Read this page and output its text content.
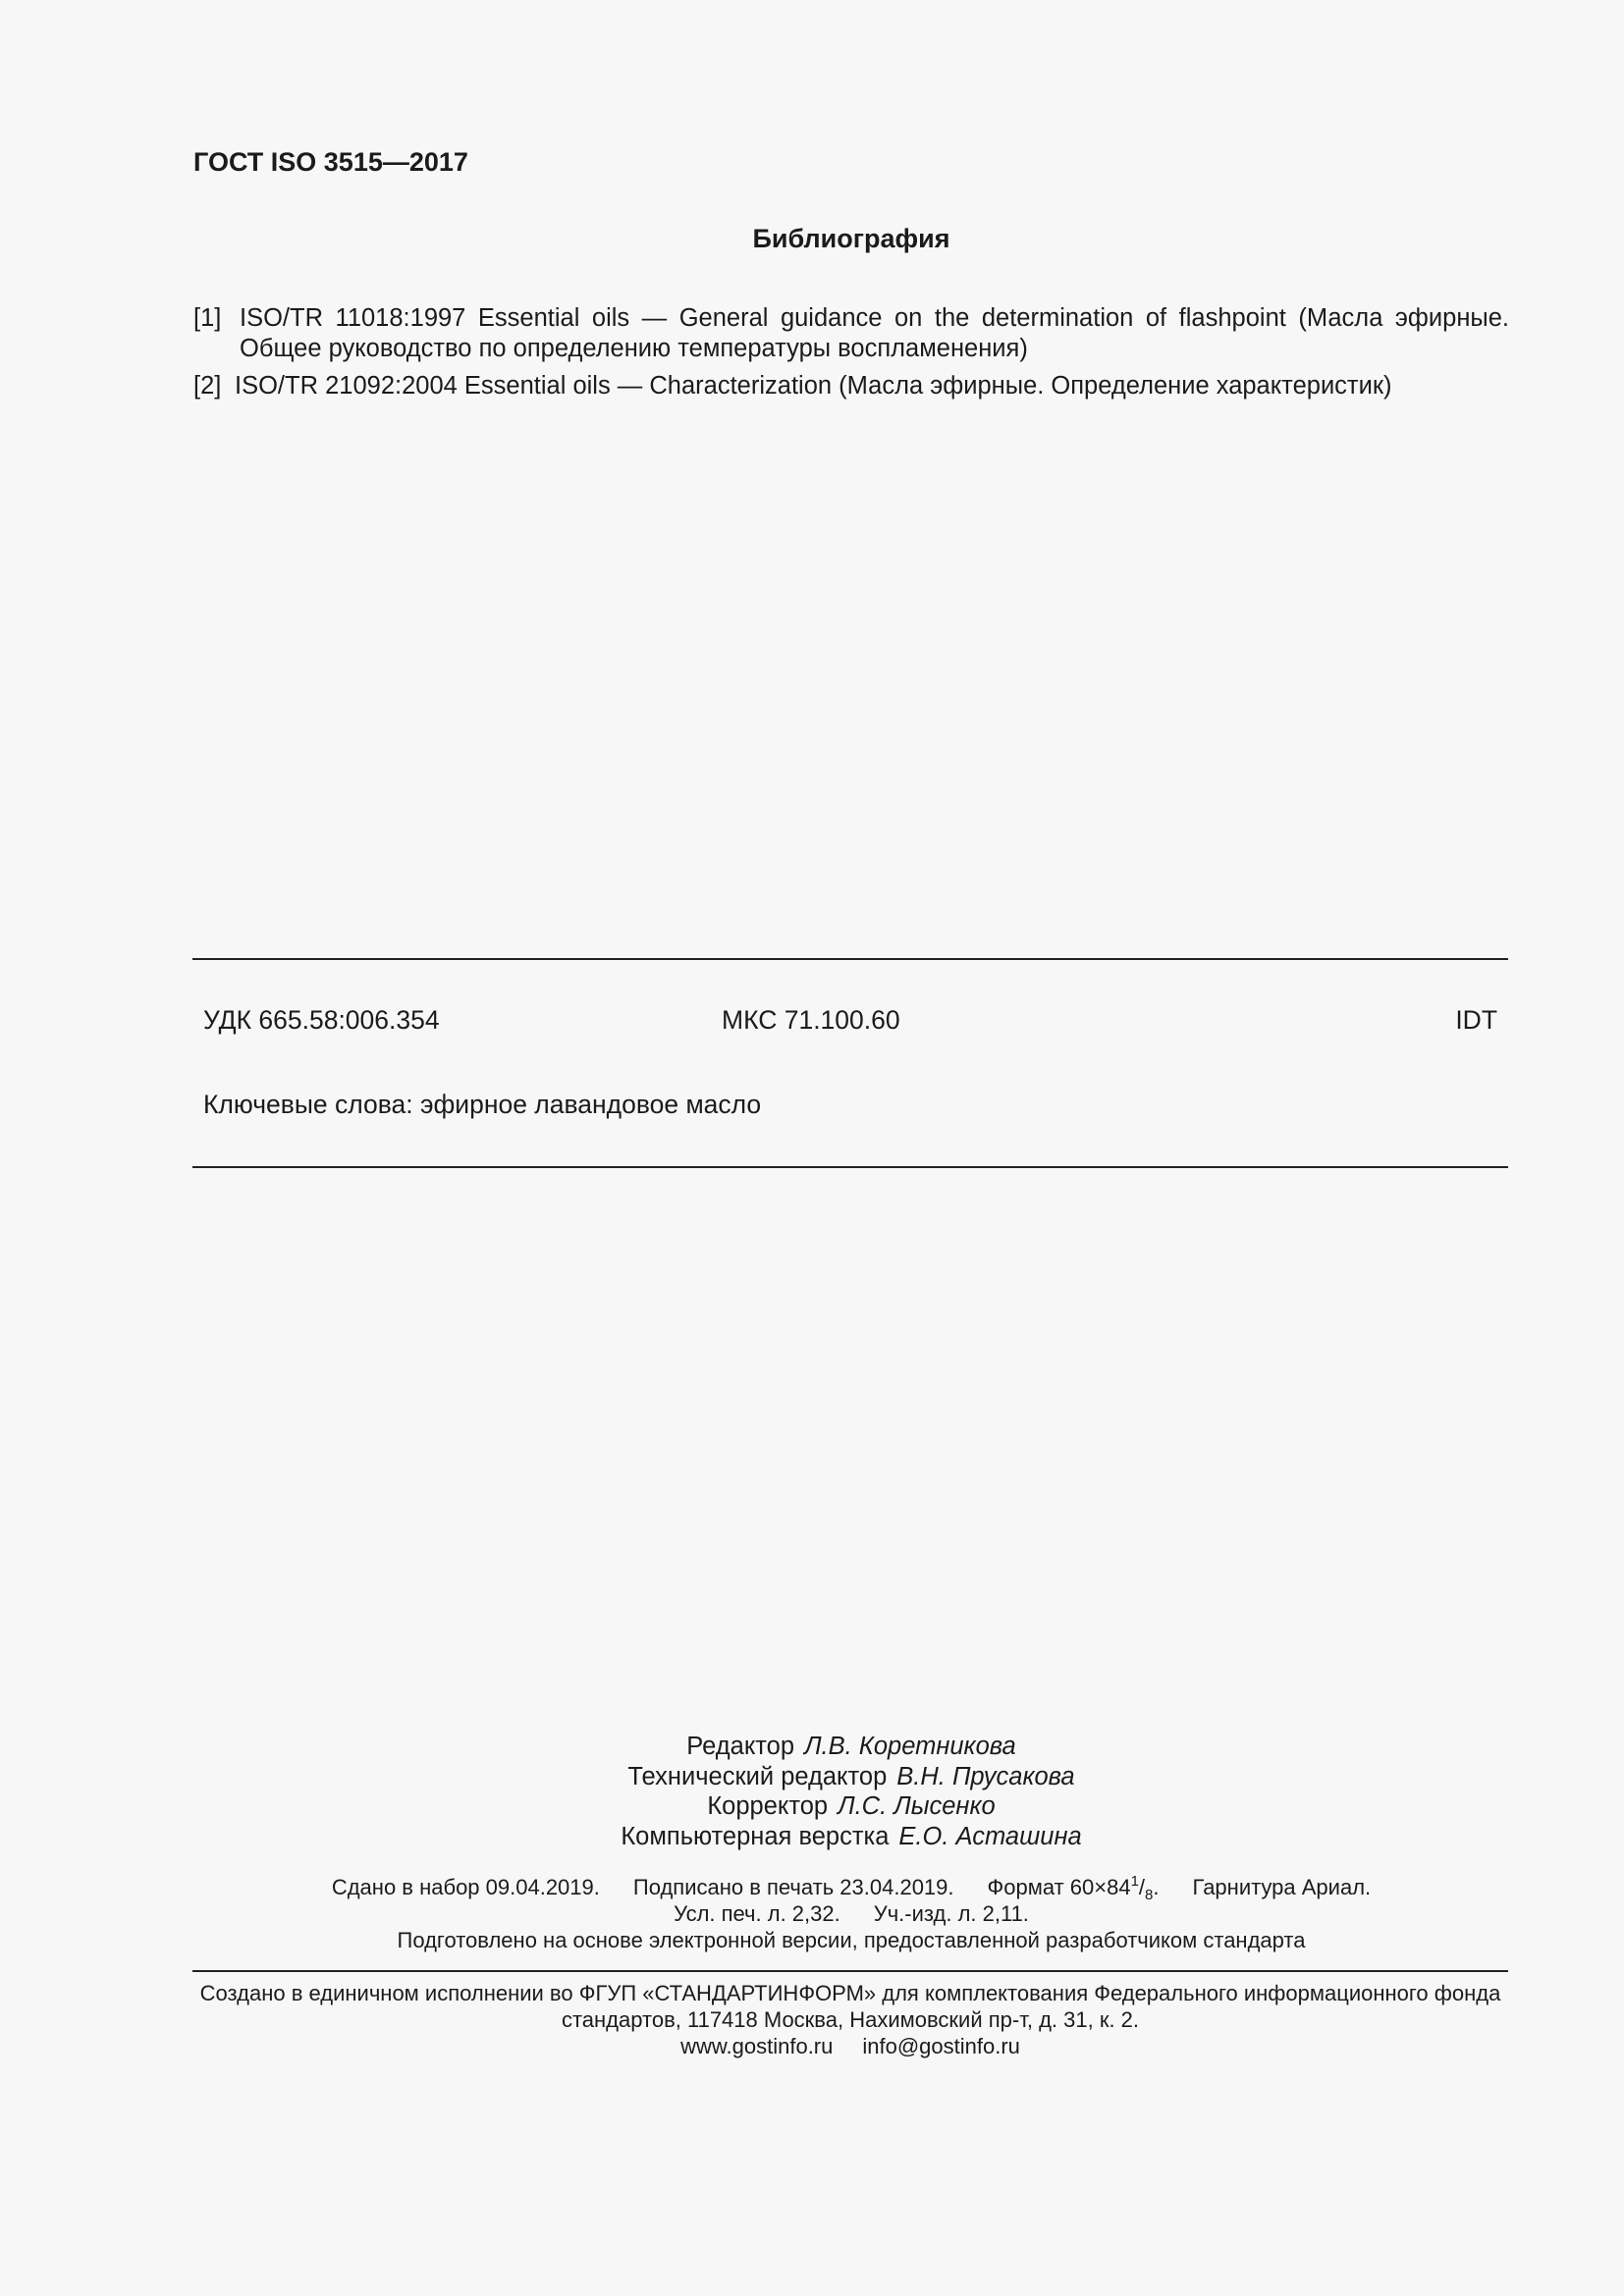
ГОСТ ISO 3515—2017
Библиография
[1] ISO/TR 11018:1997 Essential oils — General guidance on the determination of flashpoint (Масла эфирные. Общее руководство по определению температуры воспламенения)
[2] ISO/TR 21092:2004 Essential oils — Characterization (Масла эфирные. Определение характеристик)
УДК 665.58:006.354	МКС 71.100.60	IDT
Ключевые слова: эфирное лавандовое масло
Редактор Л.В. Коретникова
Технический редактор В.Н. Прусакова
Корректор Л.С. Лысенко
Компьютерная верстка Е.О. Асташина
Сдано в набор 09.04.2019. Подписано в печать 23.04.2019. Формат $60\times 84^1/_8$. Гарнитура Ариал.
Усл. печ. л. 2,32. Уч.-изд. л. 2,11.
Подготовлено на основе электронной версии, предоставленной разработчиком стандарта
Создано в единичном исполнении во ФГУП «СТАНДАРТИНФОРМ» для комплектования Федерального информационного фонда
стандартов, 117418 Москва, Нахимовский пр-т, д. 31, к. 2.
www.gostinfo.ru info@gostinfo.ru
